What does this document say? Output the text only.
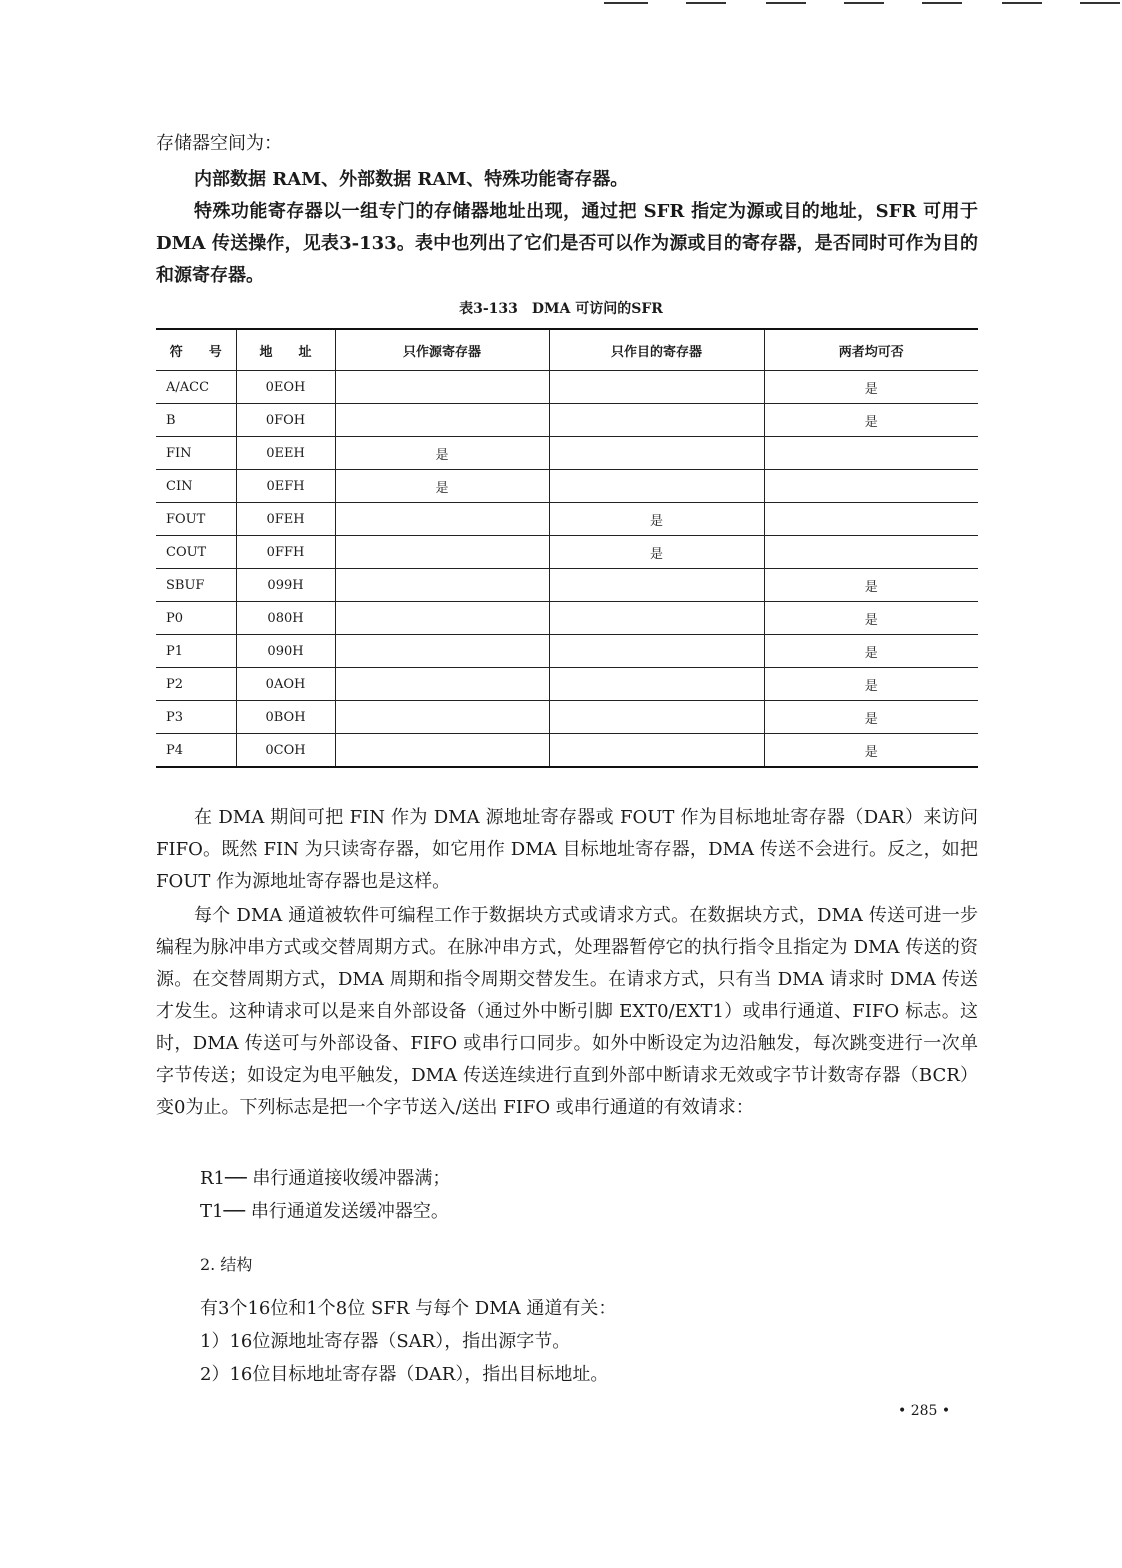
存储器空间为：

内部数据 RAM、外部数据 RAM、特殊功能寄存器。

特殊功能寄存器以一组专门的存储器地址出现，通过把 SFR 指定为源或目的地址，SFR 可用于 DMA 传送操作，见表3-133。表中也列出了它们是否可以作为源或目的寄存器，是否同时可作为目的和源寄存器。

表3-133　DMA 可访问的SFR
符　　号	地　　址	只作源寄存器	只作目的寄存器	两者均可否
A/ACC	0EOH			是
B	0FOH			是
FIN	0EEH	是		
CIN	0EFH	是		
FOUT	0FEH		是	
COUT	0FFH		是	
SBUF	099H			是
P0	080H			是
P1	090H			是
P2	0AOH			是
P3	0BOH			是
P4	0COH			是

在 DMA 期间可把 FIN 作为 DMA 源地址寄存器或 FOUT 作为目标地址寄存器（DAR）来访问 FIFO。既然 FIN 为只读寄存器，如它用作 DMA 目标地址寄存器，DMA 传送不会进行。反之，如把 FOUT 作为源地址寄存器也是这样。

每个 DMA 通道被软件可编程工作于数据块方式或请求方式。在数据块方式，DMA 传送可进一步编程为脉冲串方式或交替周期方式。在脉冲串方式，处理器暂停它的执行指令且指定为 DMA 传送的资源。在交替周期方式，DMA 周期和指令周期交替发生。在请求方式，只有当 DMA 请求时 DMA 传送才发生。这种请求可以是来自外部设备（通过外中断引脚 EXT0/EXT1）或串行通道、FIFO 标志。这时，DMA 传送可与外部设备、FIFO 或串行口同步。如外中断设定为边沿触发，每次跳变进行一次单字节传送；如设定为电平触发，DMA 传送连续进行直到外部中断请求无效或字节计数寄存器（BCR）变0为止。下列标志是把一个字节送入/送出 FIFO 或串行通道的有效请求：

R1── 串行通道接收缓冲器满；
T1── 串行通道发送缓冲器空。
2. 结构
有3个16位和1个8位 SFR 与每个 DMA 通道有关：
1）16位源地址寄存器（SAR），指出源字节。
2）16位目标地址寄存器（DAR），指出目标地址。
• 285 •
